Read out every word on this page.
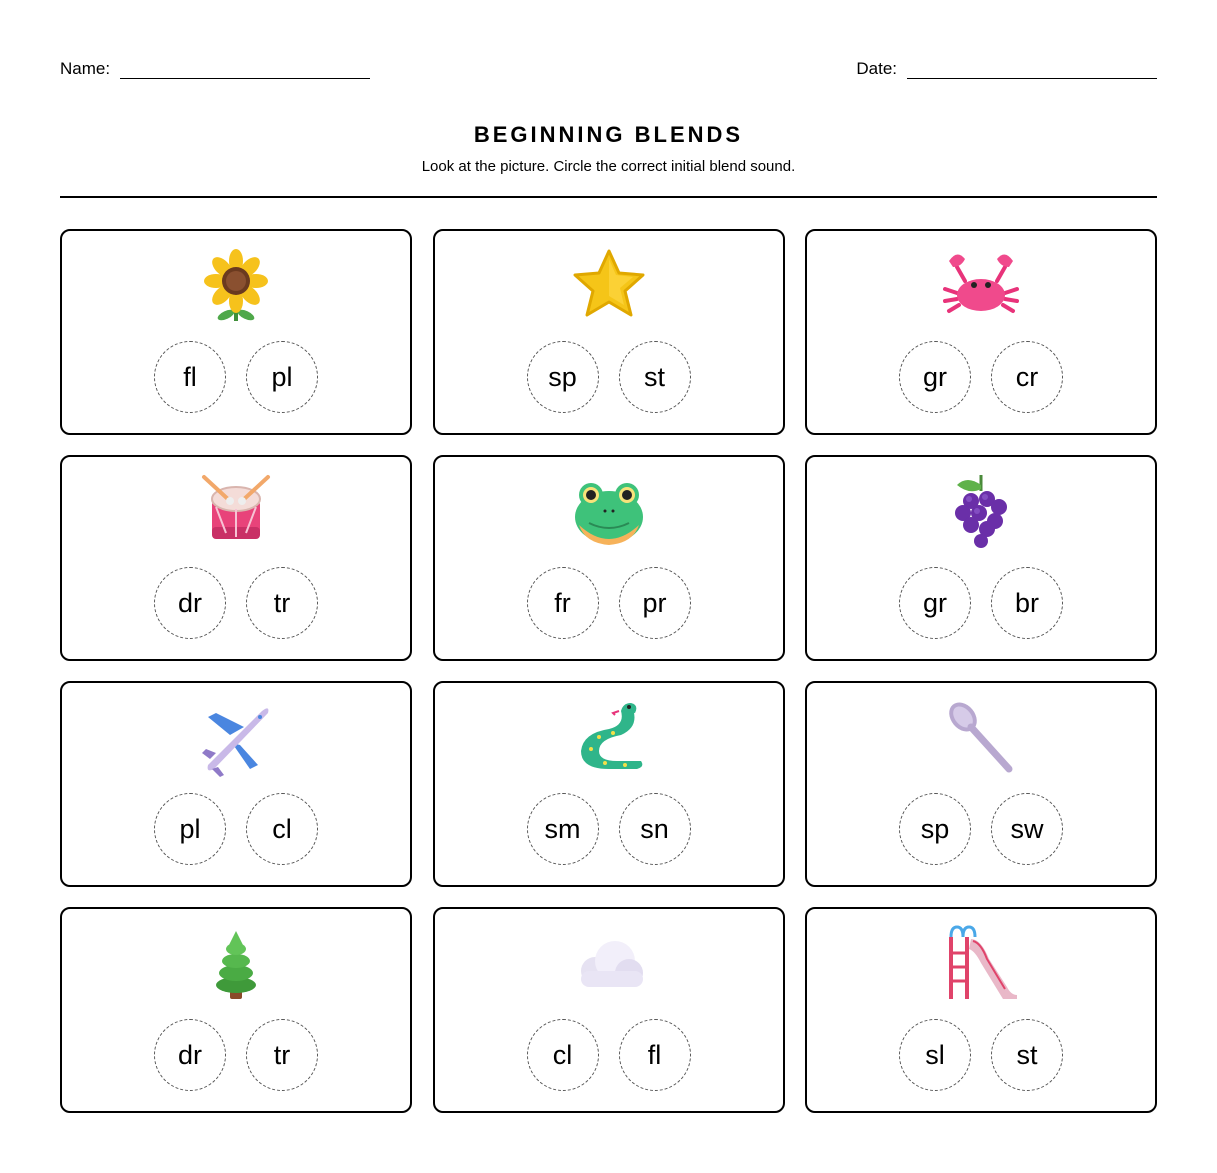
Name:	Date:
BEGINNING BLENDS
Look at the picture. Circle the correct initial blend sound.
fl	pl	sp	st	gr	cr
dr	tr	fr	pr	gr	br
pl	cl	sm	sn	sp	sw
dr	tr	cl	fl	sl	st
